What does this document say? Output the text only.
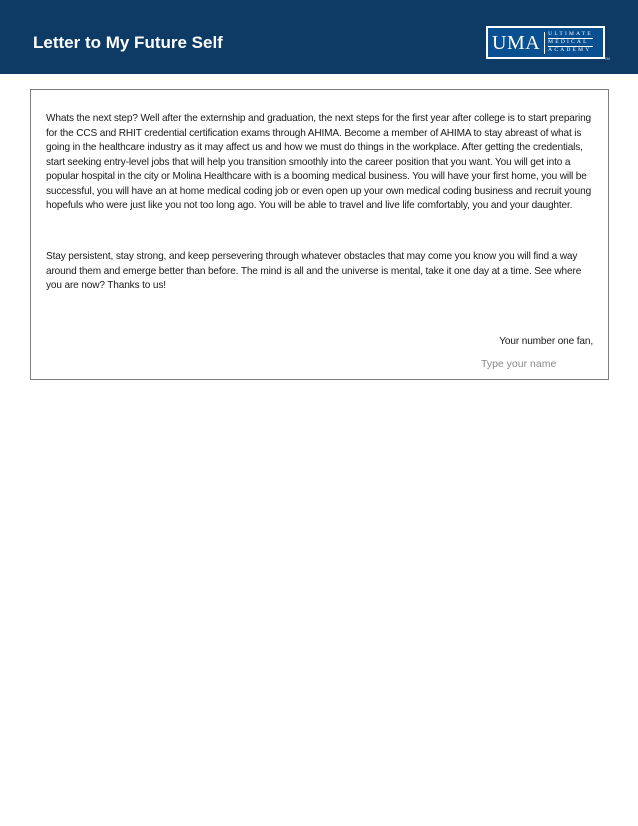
Letter to My Future Self	UMA	ULTIMATE
MEDICAL
ACADEMY
TM

Whats the next step? Well after the externship and graduation, the next steps for the first year after college is to start preparing for the CCS and RHIT credential certification exams through AHIMA. Become a member of AHIMA to stay abreast of what is going in the healthcare industry as it may affect us and how we must do things in the workplace. After getting the credentials, start seeking entry-level jobs that will help you transition smoothly into the career position that you want. You will get into a popular hospital in the city or Molina Healthcare with is a booming medical business. You will have your first home, you will be successful, you will have an at home medical coding job or even open up your own medical coding business and recruit young hopefuls who were just like you not too long ago. You will be able to travel and live life comfortably, you and your daughter.

Stay persistent, stay strong, and keep persevering through whatever obstacles that may come you know you will find a way around them and emerge better than before. The mind is all and the universe is mental, take it one day at a time. See where you are now? Thanks to us!

Your number one fan,

Type your name
